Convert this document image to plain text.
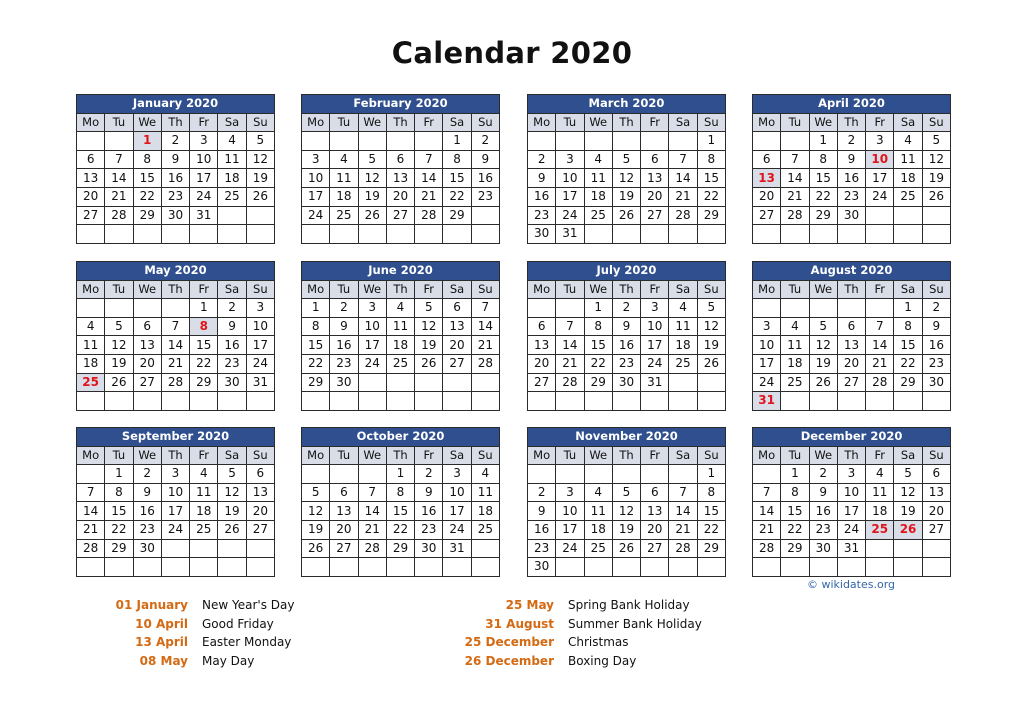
Calendar 2020
January 2020						
Mo	Tu	We	Th	Fr	Sa	Su
		1	2	3	4	5
6	7	8	9	10	11	12
13	14	15	16	17	18	19
20	21	22	23	24	25	26
27	28	29	30	31		

February 2020						
Mo	Tu	We	Th	Fr	Sa	Su
					1	2
3	4	5	6	7	8	9
10	11	12	13	14	15	16
17	18	19	20	21	22	23
24	25	26	27	28	29	

March 2020						
Mo	Tu	We	Th	Fr	Sa	Su
						1
2	3	4	5	6	7	8
9	10	11	12	13	14	15
16	17	18	19	20	21	22
23	24	25	26	27	28	29
30	31					
April 2020						
Mo	Tu	We	Th	Fr	Sa	Su
		1	2	3	4	5
6	7	8	9	10	11	12
13	14	15	16	17	18	19
20	21	22	23	24	25	26
27	28	29	30			

May 2020						
Mo	Tu	We	Th	Fr	Sa	Su
				1	2	3
4	5	6	7	8	9	10
11	12	13	14	15	16	17
18	19	20	21	22	23	24
25	26	27	28	29	30	31

June 2020						
Mo	Tu	We	Th	Fr	Sa	Su
1	2	3	4	5	6	7
8	9	10	11	12	13	14
15	16	17	18	19	20	21
22	23	24	25	26	27	28
29	30					

July 2020						
Mo	Tu	We	Th	Fr	Sa	Su
		1	2	3	4	5
6	7	8	9	10	11	12
13	14	15	16	17	18	19
20	21	22	23	24	25	26
27	28	29	30	31		

August 2020						
Mo	Tu	We	Th	Fr	Sa	Su
					1	2
3	4	5	6	7	8	9
10	11	12	13	14	15	16
17	18	19	20	21	22	23
24	25	26	27	28	29	30
31						
September 2020						
Mo	Tu	We	Th	Fr	Sa	Su
	1	2	3	4	5	6
7	8	9	10	11	12	13
14	15	16	17	18	19	20
21	22	23	24	25	26	27
28	29	30				

October 2020						
Mo	Tu	We	Th	Fr	Sa	Su
			1	2	3	4
5	6	7	8	9	10	11
12	13	14	15	16	17	18
19	20	21	22	23	24	25
26	27	28	29	30	31	

November 2020						
Mo	Tu	We	Th	Fr	Sa	Su
						1
2	3	4	5	6	7	8
9	10	11	12	13	14	15
16	17	18	19	20	21	22
23	24	25	26	27	28	29
30						
December 2020						
Mo	Tu	We	Th	Fr	Sa	Su
	1	2	3	4	5	6
7	8	9	10	11	12	13
14	15	16	17	18	19	20
21	22	23	24	25	26	27
28	29	30	31			

© wikidates.org
01 January	New Year's Day
10 April	Good Friday
13 April	Easter Monday
08 May	May Day
25 May	Spring Bank Holiday
31 August	Summer Bank Holiday
25 December	Christmas
26 December	Boxing Day
